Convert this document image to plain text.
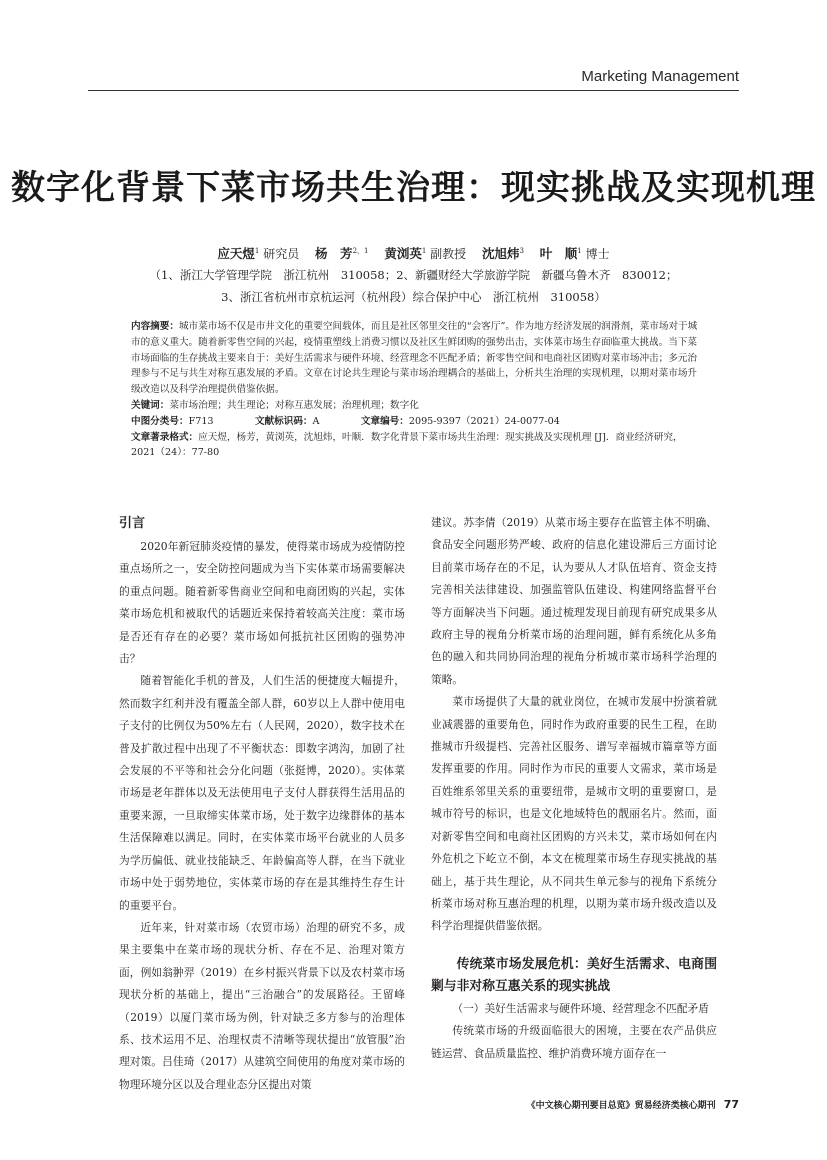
Marketing Management
数字化背景下菜市场共生治理：现实挑战及实现机理
应天煜$^1$ 研究员  杨　芳$^{2,1}$  黄浏英$^1$ 副教授  沈旭炜$^3$  叶　顺$^1$ 博士
（1、浙江大学管理学院　浙江杭州　310058；2、新疆财经大学旅游学院　新疆乌鲁木齐　830012；
3、浙江省杭州市京杭运河（杭州段）综合保护中心　浙江杭州　310058）

内容摘要：城市菜市场不仅是市井文化的重要空间载体，而且是社区邻里交往的“会客厅”。作为地方经济发展的润滑剂，菜市场对于城市的意义重大。随着新零售空间的兴起，疫情重塑线上消费习惯以及社区生鲜团购的强势出击，实体菜市场生存面临重大挑战。当下菜市场面临的生存挑战主要来自于：美好生活需求与硬件环境、经营理念不匹配矛盾；新零售空间和电商社区团购对菜市场冲击；多元治理参与不足与共生对称互惠发展的矛盾。文章在讨论共生理论与菜市场治理耦合的基础上，分析共生治理的实现机理，以期对菜市场升级改造以及科学治理提供借鉴依据。

关键词：菜市场治理；共生理论；对称互惠发展；治理机理；数字化

中图分类号：F713    	文献标识码：A    	文章编号：2095-9397（2021）24-0077-04

文章著录格式：应天煜，杨芳，黄浏英，沈旭炜，叶顺．数字化背景下菜市场共生治理：现实挑战及实现机理 [J]．商业经济研究，2021（24）：77-80

引言

2020年新冠肺炎疫情的暴发，使得菜市场成为疫情防控重点场所之一，安全防控问题成为当下实体菜市场需要解决的重点问题。随着新零售商业空间和电商团购的兴起，实体菜市场危机和被取代的话题近来保持着较高关注度：菜市场是否还有存在的必要？菜市场如何抵抗社区团购的强势冲击？

随着智能化手机的普及，人们生活的便捷度大幅提升，然而数字红利并没有覆盖全部人群，60岁以上人群中使用电子支付的比例仅为50%左右（人民网，2020），数字技术在普及扩散过程中出现了不平衡状态：即数字鸿沟，加剧了社会发展的不平等和社会分化问题（张挺博，2020）。实体菜市场是老年群体以及无法使用电子支付人群获得生活用品的重要来源，一旦取缔实体菜市场，处于数字边缘群体的基本生活保障难以满足。同时，在实体菜市场平台就业的人员多为学历偏低、就业技能缺乏、年龄偏高等人群，在当下就业市场中处于弱势地位，实体菜市场的存在是其维持生存生计的重要平台。

近年来，针对菜市场（农贸市场）治理的研究不多，成果主要集中在菜市场的现状分析、存在不足、治理对策方面，例如翁翀羿（2019）在乡村振兴背景下以及农村菜市场现状分析的基础上，提出“三治融合”的发展路径。王留峰（2019）以厦门菜市场为例，针对缺乏多方参与的治理体系、技术运用不足、治理权责不清晰等现状提出“放管服”治理对策。吕佳琦（2017）从建筑空间使用的角度对菜市场的物理环境分区以及合理业态分区提出对策

建议。苏李倩（2019）从菜市场主要存在监管主体不明确、食品安全问题形势严峻、政府的信息化建设滞后三方面讨论目前菜市场存在的不足，认为要从人才队伍培育、资金支持完善相关法律建设、加强监管队伍建设、构建网络监督平台等方面解决当下问题。通过梳理发现目前现有研究成果多从政府主导的视角分析菜市场的治理问题，鲜有系统化从多角色的融入和共同协同治理的视角分析城市菜市场科学治理的策略。

菜市场提供了大量的就业岗位，在城市发展中扮演着就业减震器的重要角色，同时作为政府重要的民生工程，在助推城市升级提档、完善社区服务、谱写幸福城市篇章等方面发挥重要的作用。同时作为市民的重要人文需求，菜市场是百姓维系邻里关系的重要纽带，是城市文明的重要窗口，是城市符号的标识，也是文化地域特色的靓丽名片。然而，面对新零售空间和电商社区团购的方兴未艾，菜市场如何在内外危机之下屹立不倒，本文在梳理菜市场生存现实挑战的基础上，基于共生理论，从不同共生单元参与的视角下系统分析菜市场对称互惠治理的机理，以期为菜市场升级改造以及科学治理提供借鉴依据。

传统菜市场发展危机：美好生活需求、电商围剿与非对称互惠关系的现实挑战

（一）美好生活需求与硬件环境、经营理念不匹配矛盾

传统菜市场的升级面临很大的困境，主要在农产品供应链运营、食品质量监控、维护消费环境方面存在一

《中文核心期刊要目总览》贸易经济类核心期刊 77
